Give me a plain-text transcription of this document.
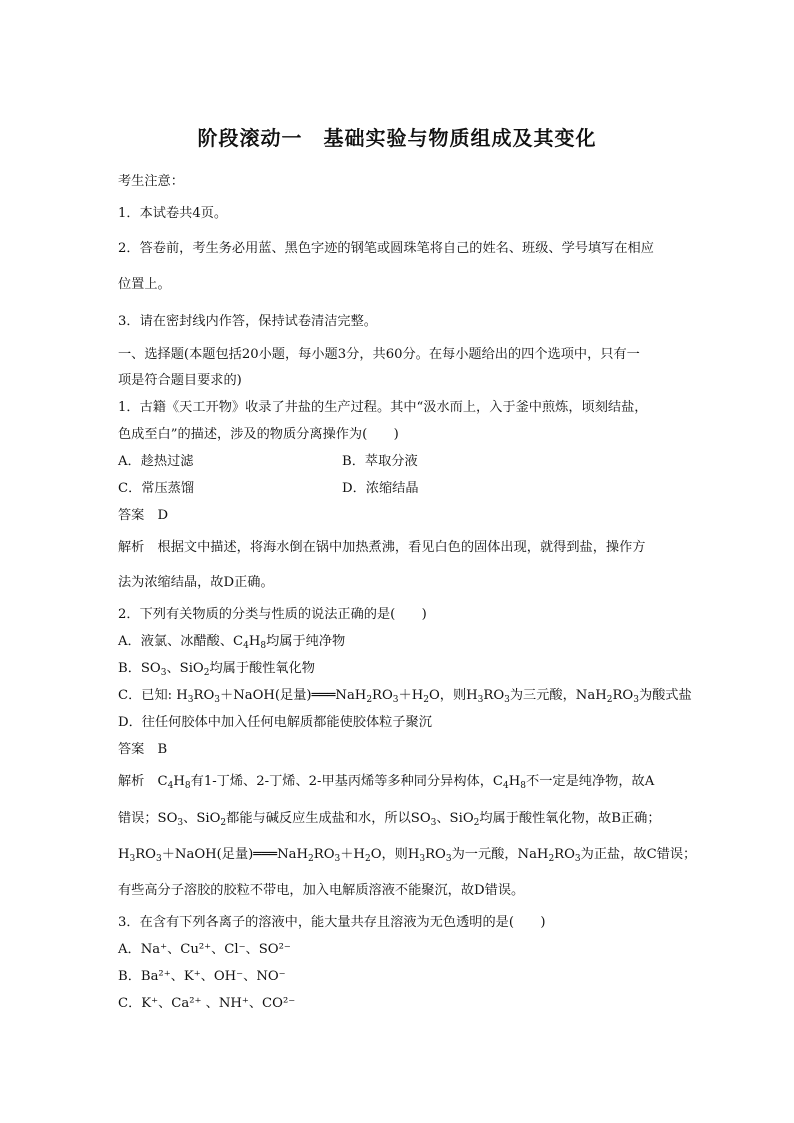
阶段滚动一　基础实验与物质组成及其变化
考生注意：
1．本试卷共4页。
2．答卷前，考生务必用蓝、黑色字迹的钢笔或圆珠笔将自己的姓名、班级、学号填写在相应
位置上。
3．请在密封线内作答，保持试卷清洁完整。
一、选择题(本题包括20小题，每小题3分，共60分。在每小题给出的四个选项中，只有一
项是符合题目要求的)
1．古籍《天工开物》收录了井盐的生产过程。其中“汲水而上，入于釜中煎炼，顷刻结盐，
色成至白”的描述，涉及的物质分离操作为(　　)
A．趁热过滤	B．萃取分液
C．常压蒸馏	D．浓缩结晶
答案　D
解析　根据文中描述，将海水倒在锅中加热煮沸，看见白色的固体出现，就得到盐，操作方
法为浓缩结晶，故D正确。
2．下列有关物质的分类与性质的说法正确的是(　　)
A．液氯、冰醋酸、$C_4H_8$均属于纯净物
B．$SO_3$、SiO$_2$均属于酸性氧化物
C．已知: $H_3RO_3+NaOH$(足量)$═══NaH_2RO_3+H_2O$，则$H_3RO_3$为三元酸，$NaH_2RO_3$为酸式盐
D．往任何胶体中加入任何电解质都能使胶体粒子聚沉
答案　B
解析　$C_4H_8$有1-丁烯、2-丁烯、2-甲基丙烯等多种同分异构体，$C_4H_8$不一定是纯净物，故A
错误；$SO_3$、SiO$_2$都能与碱反应生成盐和水，所以$SO_3$、SiO$_2$均属于酸性氧化物，故B正确；
$H_3RO_3+NaOH$(足量)$═══NaH_2RO_3+H_2O$，则$H_3RO_3$为一元酸，$NaH_2RO_3$为正盐，故C错误；
有些高分子溶胶的胶粒不带电，加入电解质溶液不能聚沉，故D错误。
3．在含有下列各离子的溶液中，能大量共存且溶液为无色透明的是(　　)
A．Na⁺、Cu²⁺、Cl⁻、SO²⁻
B．Ba²⁺、K⁺、OH⁻、NO⁻
C．K⁺、Ca²⁺ 、NH⁺、CO²⁻
